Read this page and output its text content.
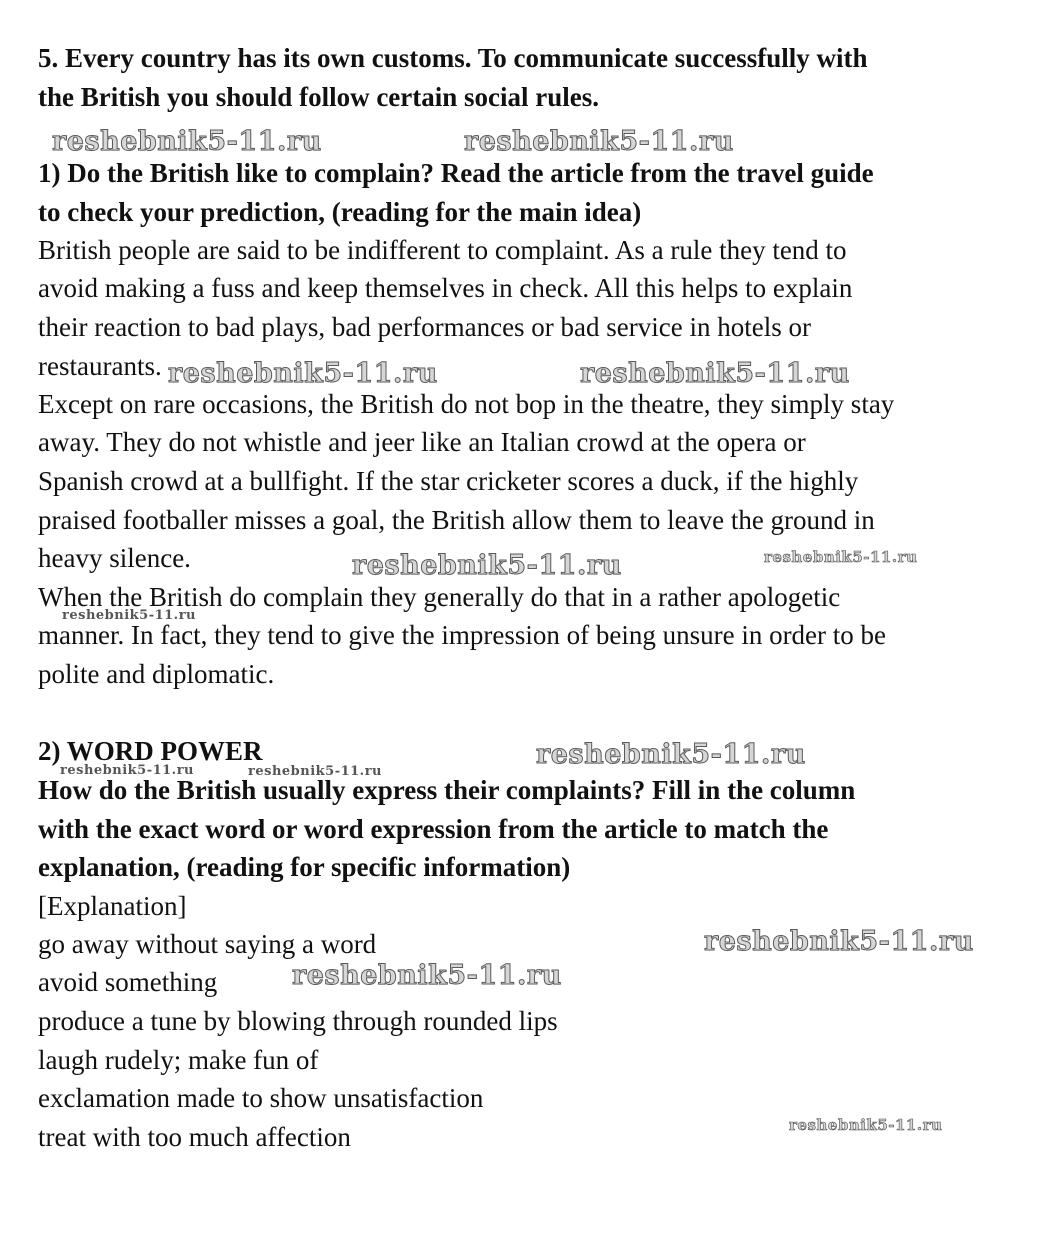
5. Every country has its own customs. To communicate successfully with
the British you should follow certain social rules.
1) Do the British like to complain? Read the article from the travel guide
to check your prediction, (reading for the main idea)
British people are said to be indifferent to complaint. As a rule they tend to
avoid making a fuss and keep themselves in check. All this helps to explain
their reaction to bad plays, bad performances or bad service in hotels or
restaurants.
Except on rare occasions, the British do not bop in the theatre, they simply stay
away. They do not whistle and jeer like an Italian crowd at the opera or
Spanish crowd at a bullfight. If the star cricketer scores a duck, if the highly
praised footballer misses a goal, the British allow them to leave the ground in
heavy silence.
When the British do complain they generally do that in a rather apologetic
manner. In fact, they tend to give the impression of being unsure in order to be
polite and diplomatic.
2) WORD POWER
How do the British usually express their complaints? Fill in the column
with the exact word or word expression from the article to match the
explanation, (reading for specific information)
[Explanation]
go away without saying a word
avoid something
produce a tune by blowing through rounded lips
laugh rudely; make fun of
exclamation made to show unsatisfaction
treat with too much affection
reshebnik5-11.ru	reshebnik5-11.ru
reshebnik5-11.ru	reshebnik5-11.ru
reshebnik5-11.ru	reshebnik5-11.ru
reshebnik5-11.ru
reshebnik5-11.ru
reshebnik5-11.ru	reshebnik5-11.ru
reshebnik5-11.ru
reshebnik5-11.ru
reshebnik5-11.ru
